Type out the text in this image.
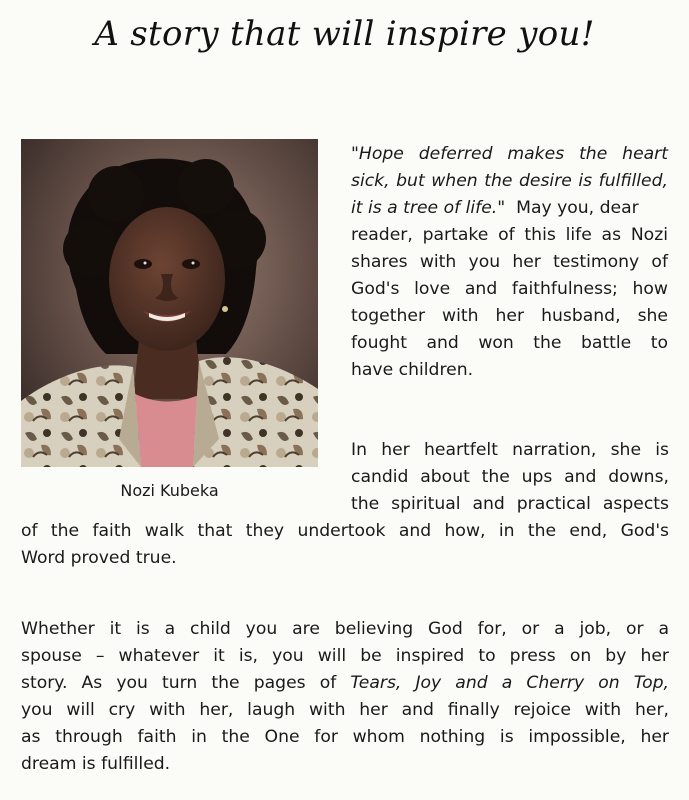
A story that will inspire you!
Nozi Kubeka

"Hope deferred makes the heart
sick, but when the desire is fulfilled,
it is a tree of life." May you, dear
reader, partake of this life as Nozi
shares with you her testimony of
God's love and faithfulness; how
together with her husband, she
fought and won the battle to
have children.

In her heartfelt narration, she is
candid about the ups and downs,
the spiritual and practical aspects
of the faith walk that they undertook and how, in the end, God's
Word proved true.

Whether it is a child you are believing God for, or a job, or a
spouse – whatever it is, you will be inspired to press on by her
story. As you turn the pages of Tears, Joy and a Cherry on Top,
you will cry with her, laugh with her and finally rejoice with her,
as through faith in the One for whom nothing is impossible, her
dream is fulfilled.
